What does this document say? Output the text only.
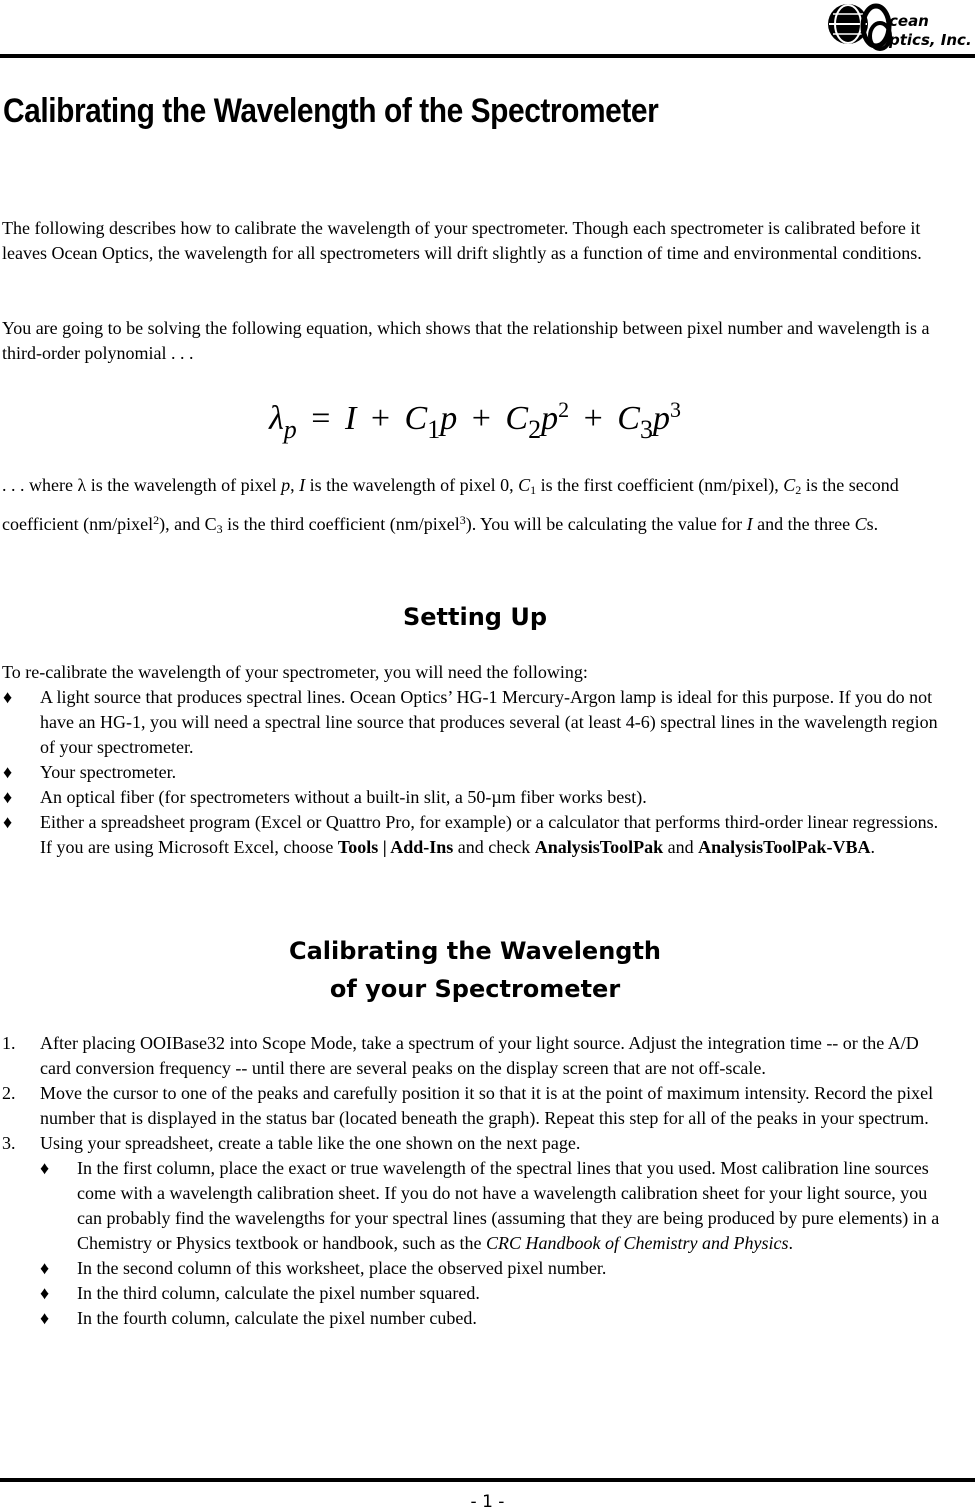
cean
ptics, Inc.
Calibrating the Wavelength of the Spectrometer

The following describes how to calibrate the wavelength of your spectrometer. Though each spectrometer is calibrated before it leaves Ocean Optics, the wavelength for all spectrometers will drift slightly as a function of time and environmental conditions.

You are going to be solving the following equation, which shows that the relationship between pixel number and wavelength is a third-order polynomial . . .

$\lambda_p = I + C_1p + C_2p^2 + C_3p^3$

. . . where λ is the wavelength of pixel p, I is the wavelength of pixel 0, C1 is the first coefficient (nm/pixel), C2 is the second coefficient (nm/pixel$^2$), and C3 is the third coefficient (nm/pixel$^3$). You will be calculating the value for I and the three Cs.

Setting Up

To re-calibrate the wavelength of your spectrometer, you will need the following:

♦ A light source that produces spectral lines. Ocean Optics’ HG-1 Mercury-Argon lamp is ideal for this purpose. If you do not have an HG-1, you will need a spectral line source that produces several (at least 4-6) spectral lines in the wavelength region of your spectrometer.
♦ Your spectrometer.
♦ An optical fiber (for spectrometers without a built-in slit, a 50-µm fiber works best).
♦ Either a spreadsheet program (Excel or Quattro Pro, for example) or a calculator that performs third-order linear regressions. If you are using Microsoft Excel, choose Tools | Add-Ins and check AnalysisToolPak and AnalysisToolPak-VBA.
Calibrating the Wavelength
of your Spectrometer
1. After placing OOIBase32 into Scope Mode, take a spectrum of your light source. Adjust the integration time -- or the A/D card conversion frequency -- until there are several peaks on the display screen that are not off-scale.
2. Move the cursor to one of the peaks and carefully position it so that it is at the point of maximum intensity. Record the pixel number that is displayed in the status bar (located beneath the graph). Repeat this step for all of the peaks in your spectrum.
3. Using your spreadsheet, create a table like the one shown on the next page.
♦ In the first column, place the exact or true wavelength of the spectral lines that you used. Most calibration line sources come with a wavelength calibration sheet. If you do not have a wavelength calibration sheet for your light source, you can probably find the wavelengths for your spectral lines (assuming that they are being produced by pure elements) in a Chemistry or Physics textbook or handbook, such as the CRC Handbook of Chemistry and Physics.
♦ In the second column of this worksheet, place the observed pixel number.
♦ In the third column, calculate the pixel number squared.
♦ In the fourth column, calculate the pixel number cubed.
- 1 -
